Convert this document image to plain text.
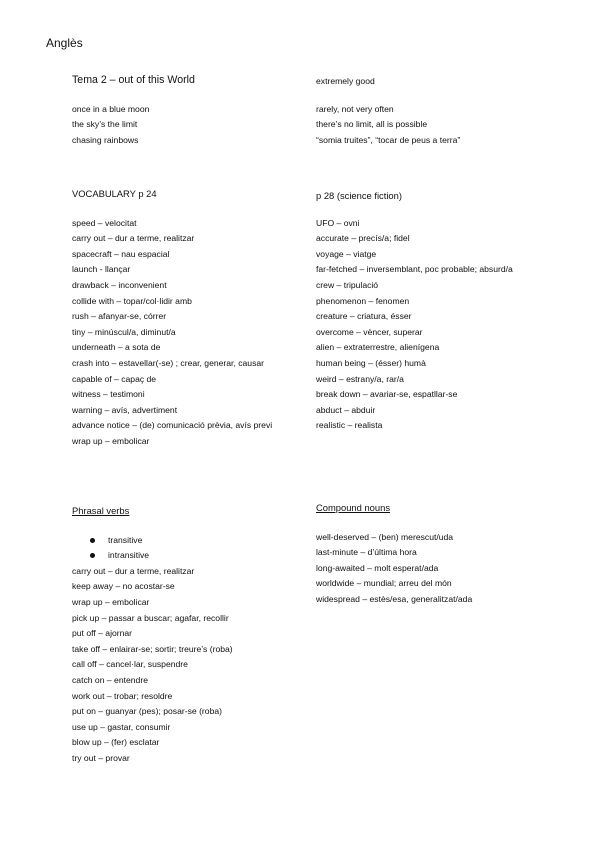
Anglès
Tema 2 – out of this World
once in a blue moon
the sky’s the limit
chasing rainbows
extremely good
rarely, not very often
there’s no limit, all is possible
“somia truites”, “tocar de peus a terra”
VOCABULARY p 24
speed – velocitat
carry out – dur a terme, realitzar
spacecraft – nau espacial
launch - llançar
drawback – inconvenient
collide with – topar/col·lidir amb
rush – afanyar-se, córrer
tiny – minúscul/a, diminut/a
underneath – a sota de
crash into – estavellar(-se) ; crear, generar, causar
capable of – capaç de
witness – testimoni
warning – avís, advertiment
advance notice – (de) comunicació prèvia, avís previ
wrap up – embolicar
p 28 (science fiction)
UFO – ovni
accurate – precís/a; fidel
voyage – viatge
far-fetched – inversemblant, poc probable; absurd/a
crew – tripulació
phenomenon – fenomen
creature – criatura, ésser
overcome – vèncer, superar
alien – extraterrestre, alienígena
human being – (ésser) humà
weird – estrany/a, rar/a
break down – avariar-se, espatllar-se
abduct – abduir
realistic – realista
Phrasal verbs
transitive
intransitive
carry out – dur a terme, realitzar
keep away – no acostar-se
wrap up – embolicar
pick up – passar a buscar; agafar, recollir
put off – ajornar
take off – enlairar-se; sortir; treure’s (roba)
call off – cancel·lar, suspendre
catch on – entendre
work out – trobar; resoldre
put on – guanyar (pes); posar-se (roba)
use up – gastar, consumir
blow up – (fer) esclatar
try out – provar
Compound nouns
well-deserved – (ben) merescut/uda
last-minute – d’última hora
long-awaited – molt esperat/ada
worldwide – mundial; arreu del món
widespread – estès/esa, generalitzat/ada
